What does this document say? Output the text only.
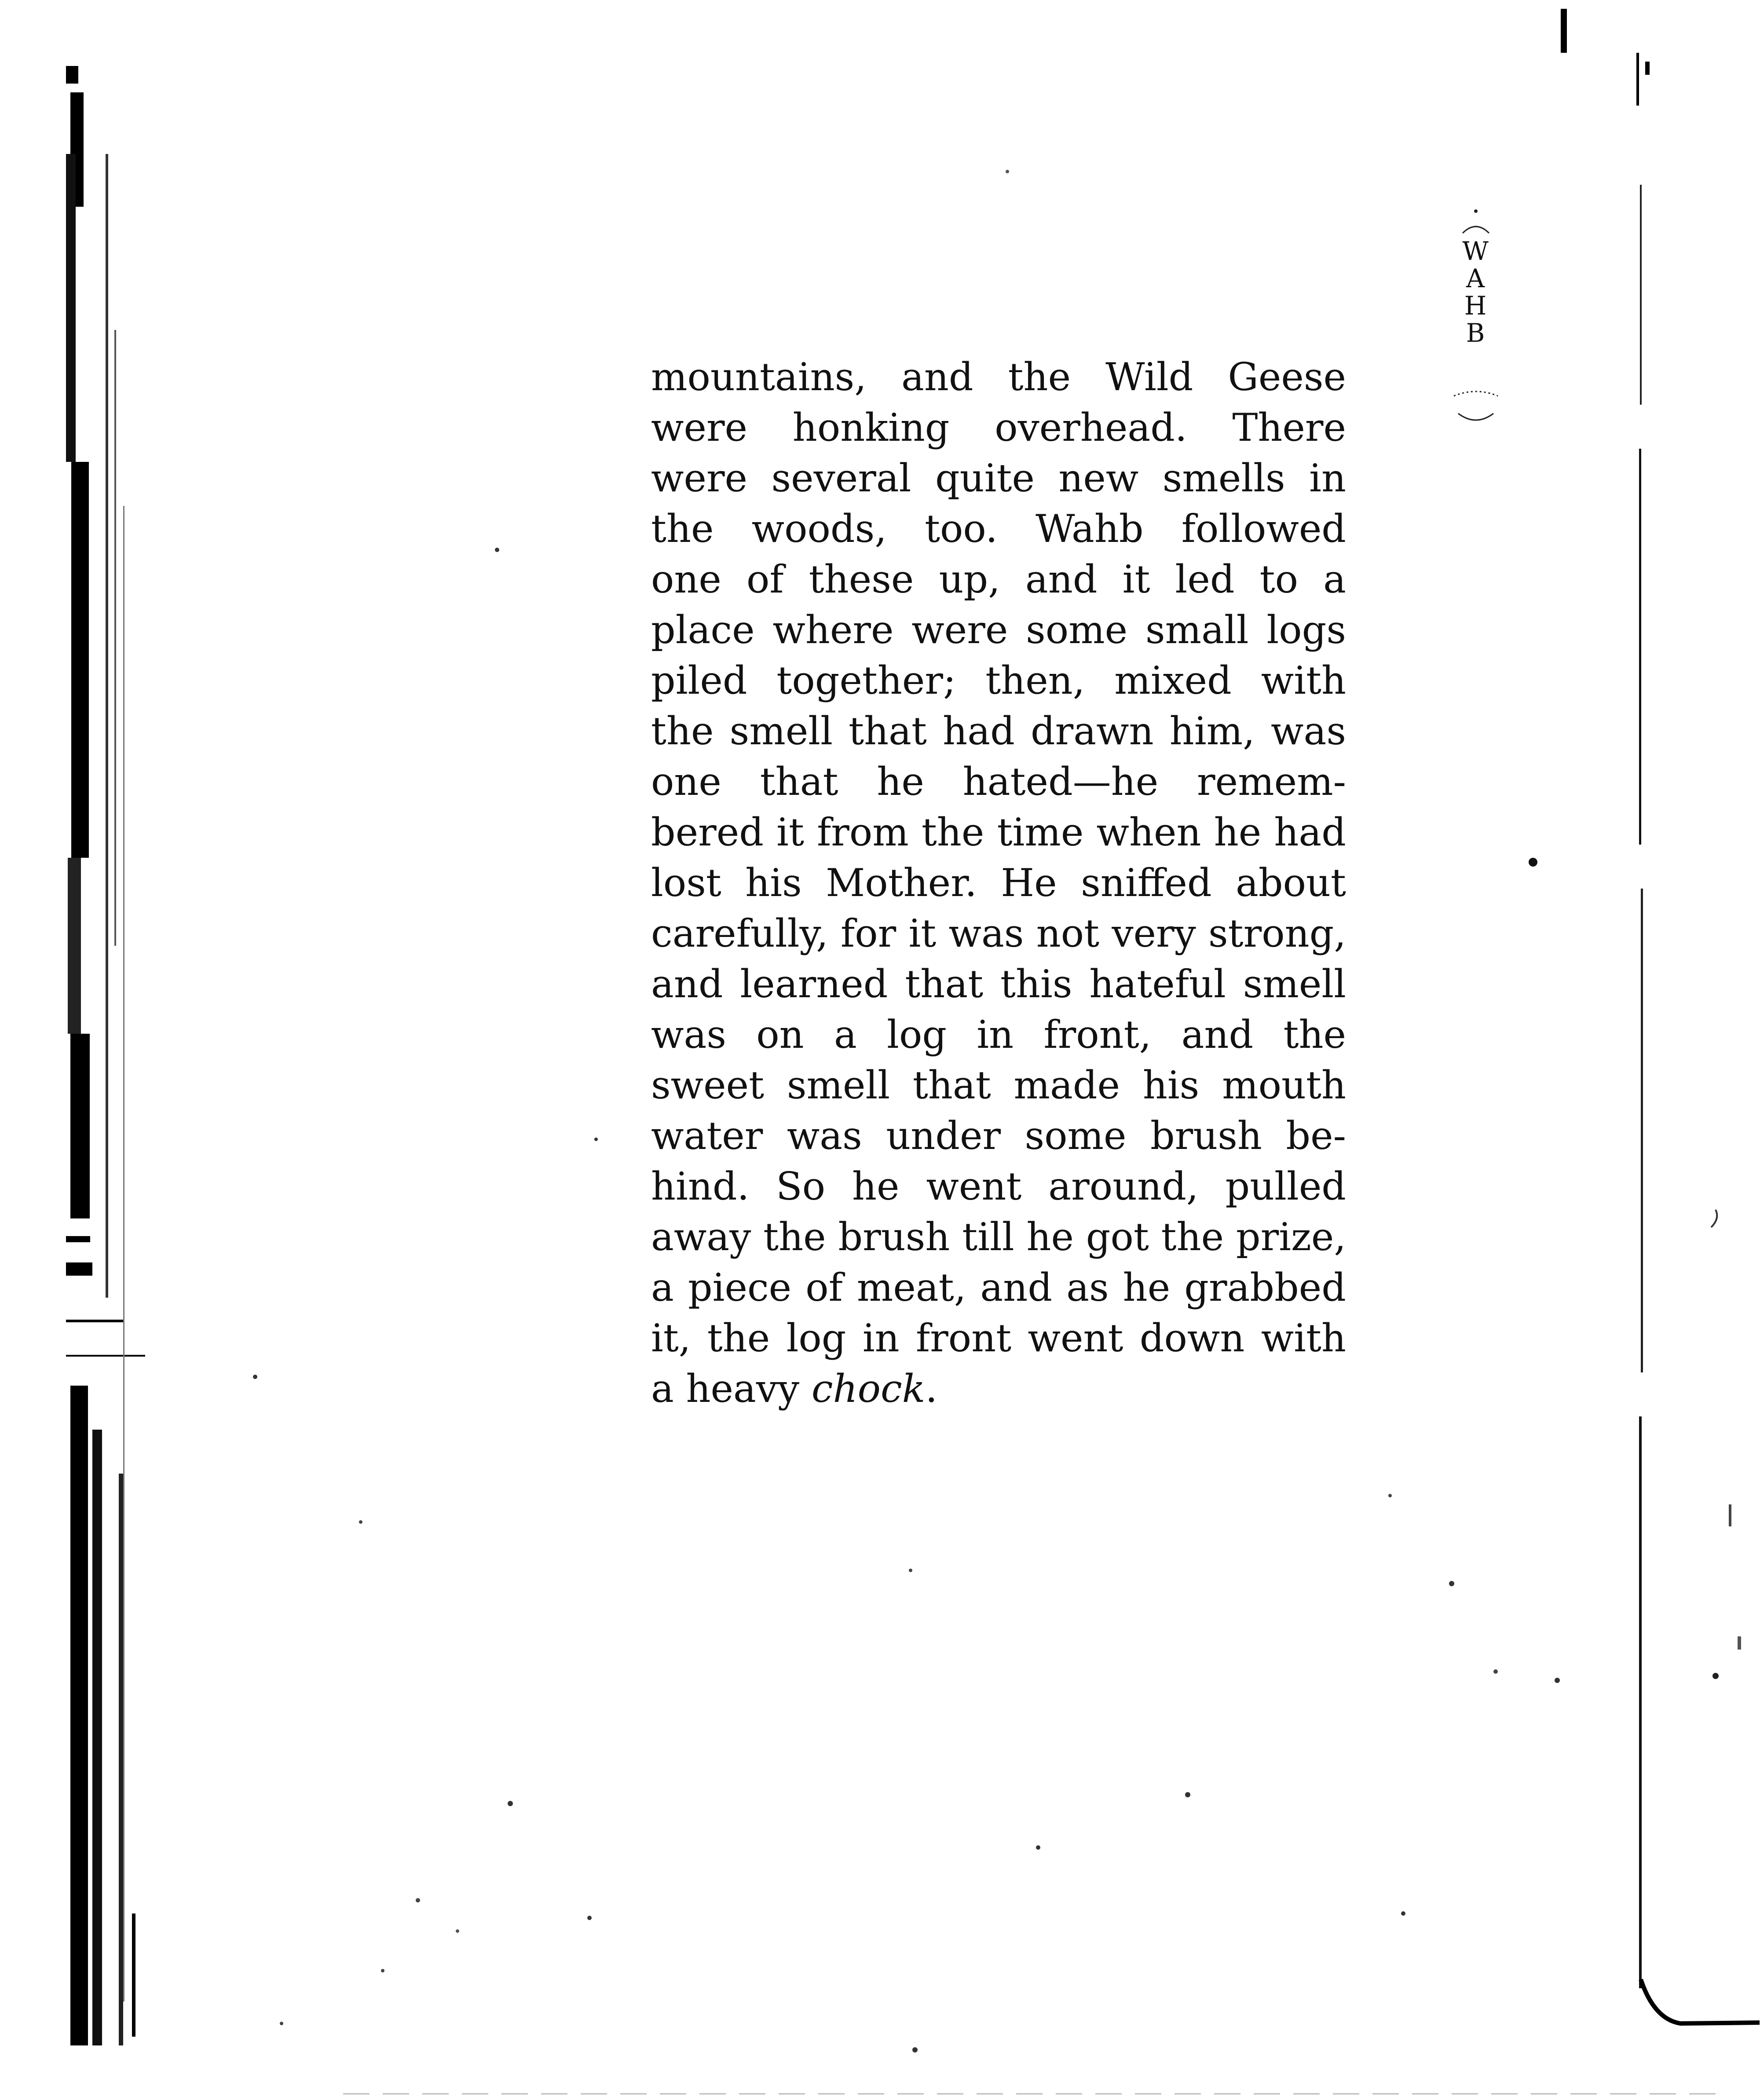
W
A
H
B
mountains, and the Wild Geese
were honking overhead. There
were several quite new smells in
the woods, too. Wahb followed
one of these up, and it led to a
place where were some small logs
piled together; then, mixed with
the smell that had drawn him, was
one that he hated—he remem-
bered it from the time when he had
lost his Mother. He sniffed about
carefully, for it was not very strong,
and learned that this hateful smell
was on a log in front, and the
sweet smell that made his mouth
water was under some brush be-
hind. So he went around, pulled
away the brush till he got the prize,
a piece of meat, and as he grabbed
it, the log in front went down with
a heavy chock.
